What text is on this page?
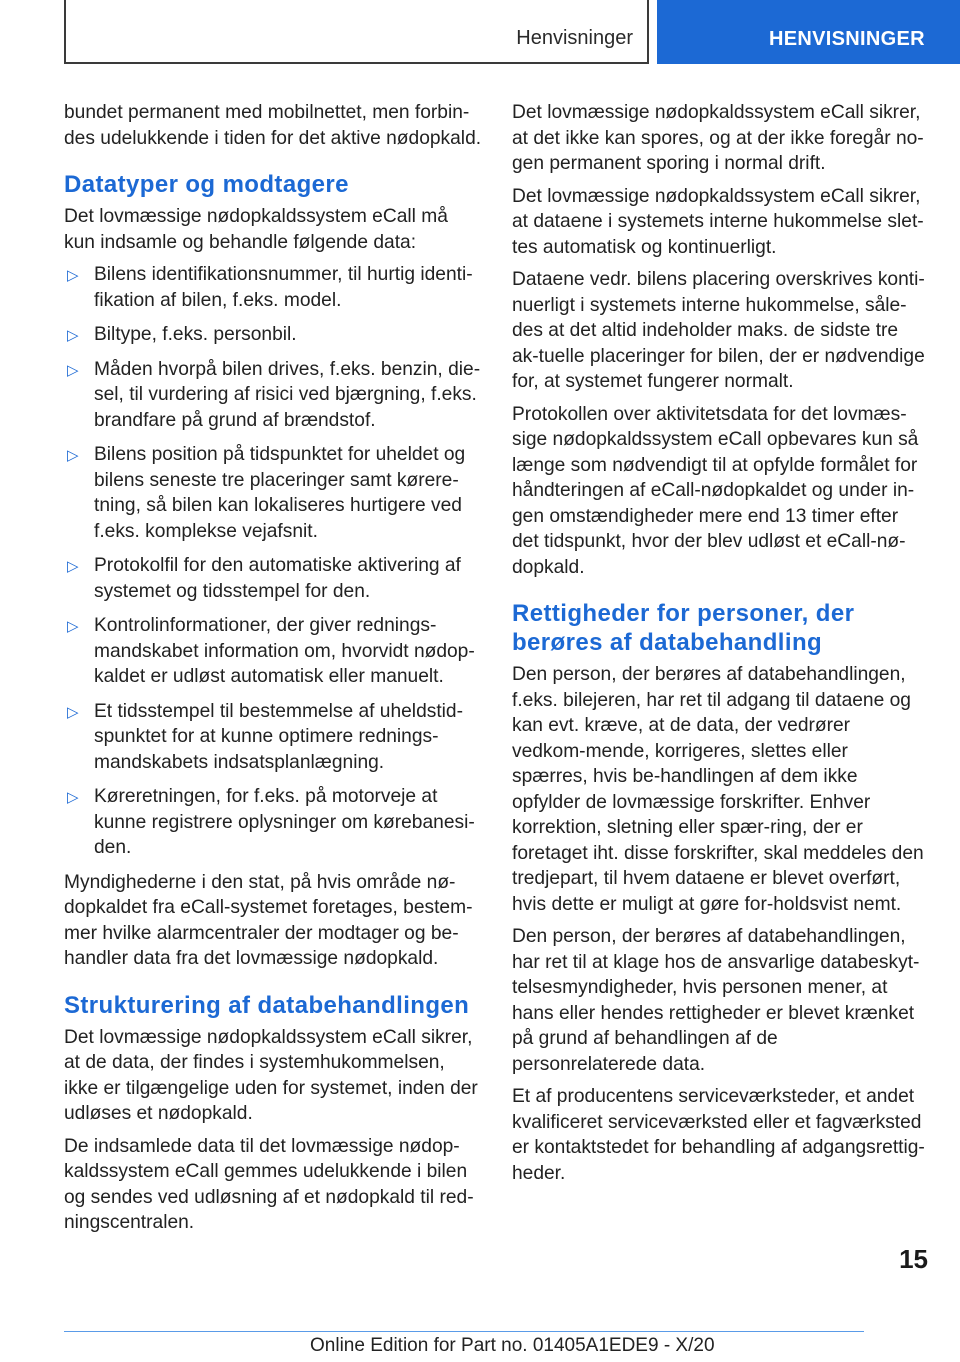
Henvisninger	HENVISNINGER

bundet permanent med mobilnettet, men forbin-des udelukkende i tiden for det aktive nødopkald.

Datatyper og modtagere

Det lovmæssige nødopkaldssystem eCall må kun indsamle og behandle følgende data:

▷ Bilens identifikationsnummer, til hurtig identi-fikation af bilen, f.eks. model.
▷ Biltype, f.eks. personbil.
▷ Måden hvorpå bilen drives, f.eks. benzin, die-sel, til vurdering af risici ved bjærgning, f.eks. brandfare på grund af brændstof.
▷ Bilens position på tidspunktet for uheldet og bilens seneste tre placeringer samt kørere-tning, så bilen kan lokaliseres hurtigere ved f.eks. komplekse vejafsnit.
▷ Protokolfil for den automatiske aktivering af systemet og tidsstempel for den.
▷ Kontrolinformationer, der giver rednings-mandskabet information om, hvorvidt nødop-kaldet er udløst automatisk eller manuelt.
▷ Et tidsstempel til bestemmelse af uheldstid-spunktet for at kunne optimere rednings-mandskabets indsatsplanlægning.
▷ Kørеretningen, for f.eks. på motorveje at kunne registrere oplysninger om kørebanesi-den.

Myndighederne i den stat, på hvis område nø-dopkaldet fra eCall-systemet foretages, bestem-mer hvilke alarmcentraler der modtager og be-handler data fra det lovmæssige nødopkald.

Strukturering af databehandlingen

Det lovmæssige nødopkaldssystem eCall sikrer, at de data, der findes i systemhukommelsen, ikke er tilgængelige uden for systemet, inden der udløses et nødopkald.

De indsamlede data til det lovmæssige nødop-kaldssystem eCall gemmes udelukkende i bilen og sendes ved udløsning af et nødopkald til red-ningscentralen.

Det lovmæssige nødopkaldssystem eCall sikrer, at det ikke kan spores, og at der ikke foregår no-gen permanent sporing i normal drift.

Det lovmæssige nødopkaldssystem eCall sikrer, at dataene i systemets interne hukommelse slet-tes automatisk og kontinuerligt.

Dataene vedr. bilens placering overskrives konti-nuerligt i systemets interne hukommelse, såle-des at det altid indeholder maks. de sidste tre ak-tuelle placeringer for bilen, der er nødvendige for, at systemet fungerer normalt.

Protokollen over aktivitetsdata for det lovmæs-sige nødopkaldssystem eCall opbevares kun så længe som nødvendigt til at opfylde formålet for håndteringen af eCall-nødopkaldet og under in-gen omstændigheder mere end 13 timer efter det tidspunkt, hvor der blev udløst et eCall-nø-dopkald.

Rettigheder for personer, der berøres af databehandling

Den person, der berøres af databehandlingen, f.eks. bilejeren, har ret til adgang til dataene og kan evt. kræve, at de data, der vedrører vedkom-mende, korrigeres, slettes eller spærres, hvis be-handlingen af dem ikke opfylder de lovmæssige forskrifter. Enhver korrektion, sletning eller spær-ring, der er foretaget iht. disse forskrifter, skal meddeles den tredjepart, til hvem dataene er blevet overført, hvis dette er muligt at gøre for-holdsvist nemt.

Den person, der berøres af databehandlingen, har ret til at klage hos de ansvarlige databeskyt-telsesmyndigheder, hvis personen mener, at hans eller hendes rettigheder er blevet krænket på grund af behandlingen af de personrelaterede data.

Et af producentens serviceværksteder, et andet kvalificeret serviceværksted eller et fagværksted er kontaktstedet for behandling af adgangsrettig-heder.

15
Online Edition for Part no. 01405A1EDE9 - X/20
